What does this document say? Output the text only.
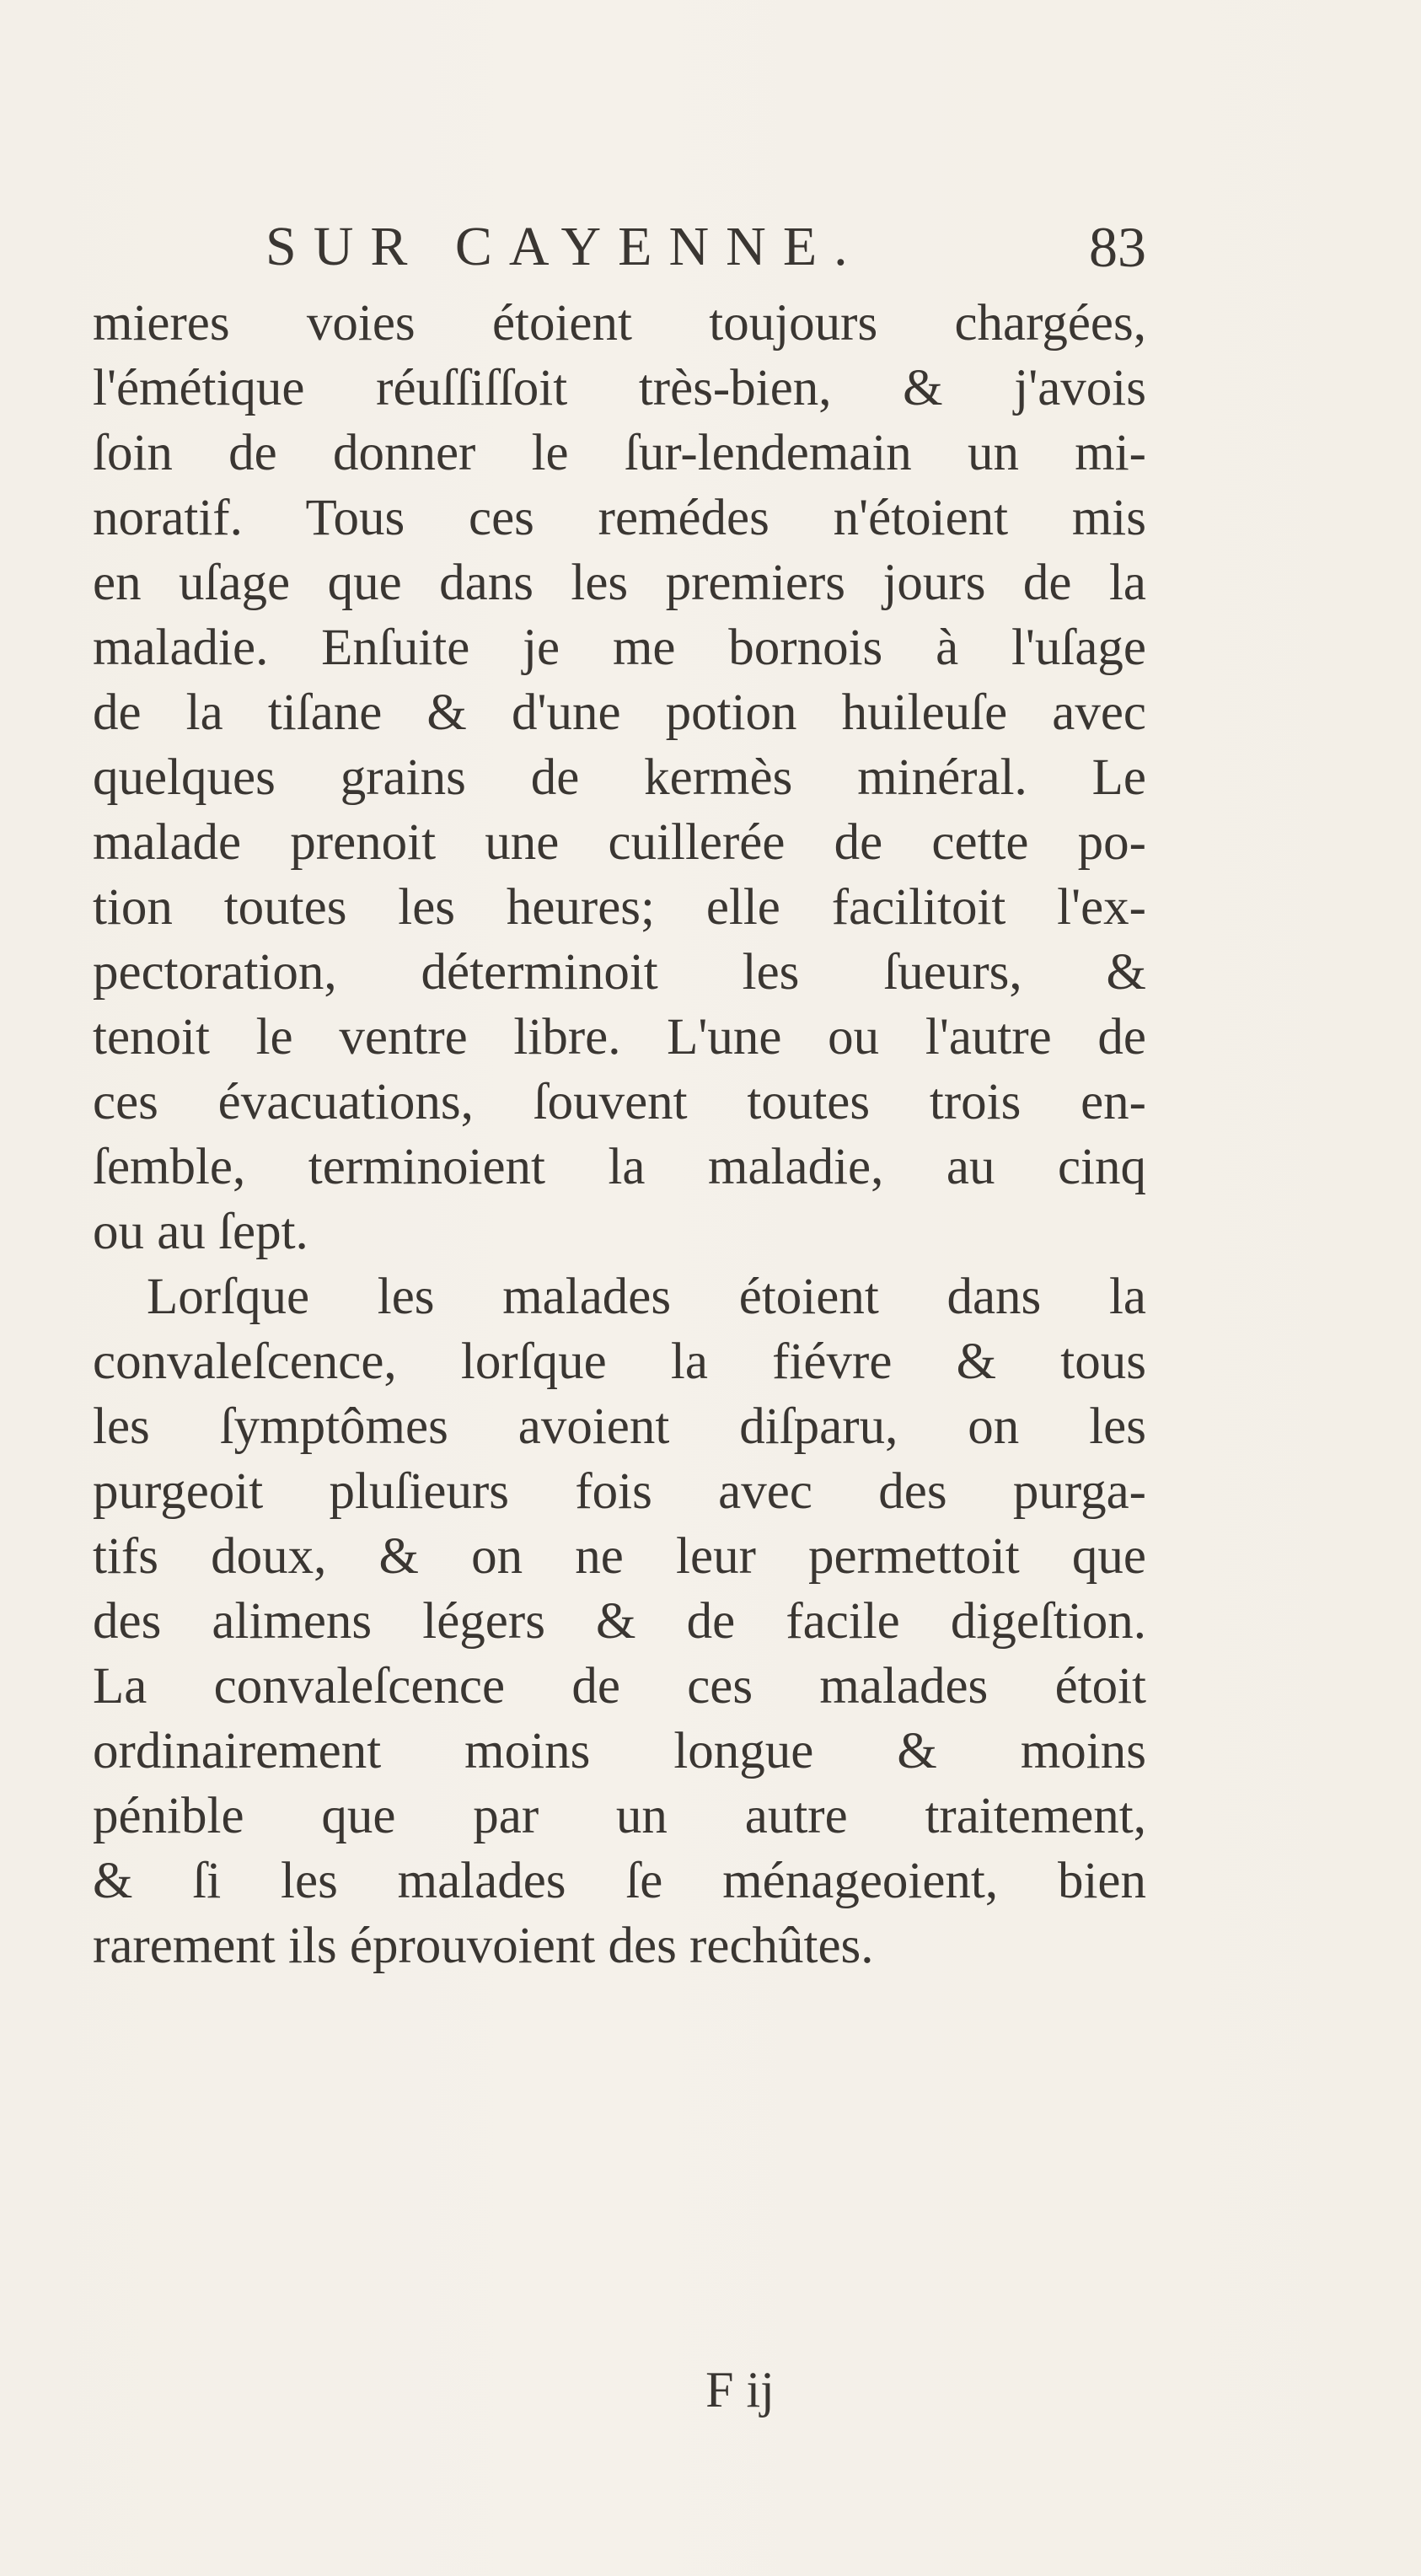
SUR CAYENNE.	83
mieres voies étoient toujours chargées,
l'émétique réuſſiſſoit très-bien, & j'avois
ſoin de donner le ſur-lendemain un mi-
noratif. Tous ces remédes n'étoient mis
en uſage que dans les premiers jours de la
maladie. Enſuite je me bornois à l'uſage
de la tiſane & d'une potion huileuſe avec
quelques grains de kermès minéral. Le
malade prenoit une cuillerée de cette po-
tion toutes les heures; elle facilitoit l'ex-
pectoration, déterminoit les ſueurs, &
tenoit le ventre libre. L'une ou l'autre de
ces évacuations, ſouvent toutes trois en-
ſemble, terminoient la maladie, au cinq
ou au ſept.
Lorſque les malades étoient dans la
convaleſcence, lorſque la fiévre & tous
les ſymptômes avoient diſparu, on les
purgeoit pluſieurs fois avec des purga-
tifs doux, & on ne leur permettoit que
des alimens légers & de facile digeſtion.
La convaleſcence de ces malades étoit
ordinairement moins longue & moins
pénible que par un autre traitement,
& ſi les malades ſe ménageoient, bien
rarement ils éprouvoient des rechûtes.
F ij
